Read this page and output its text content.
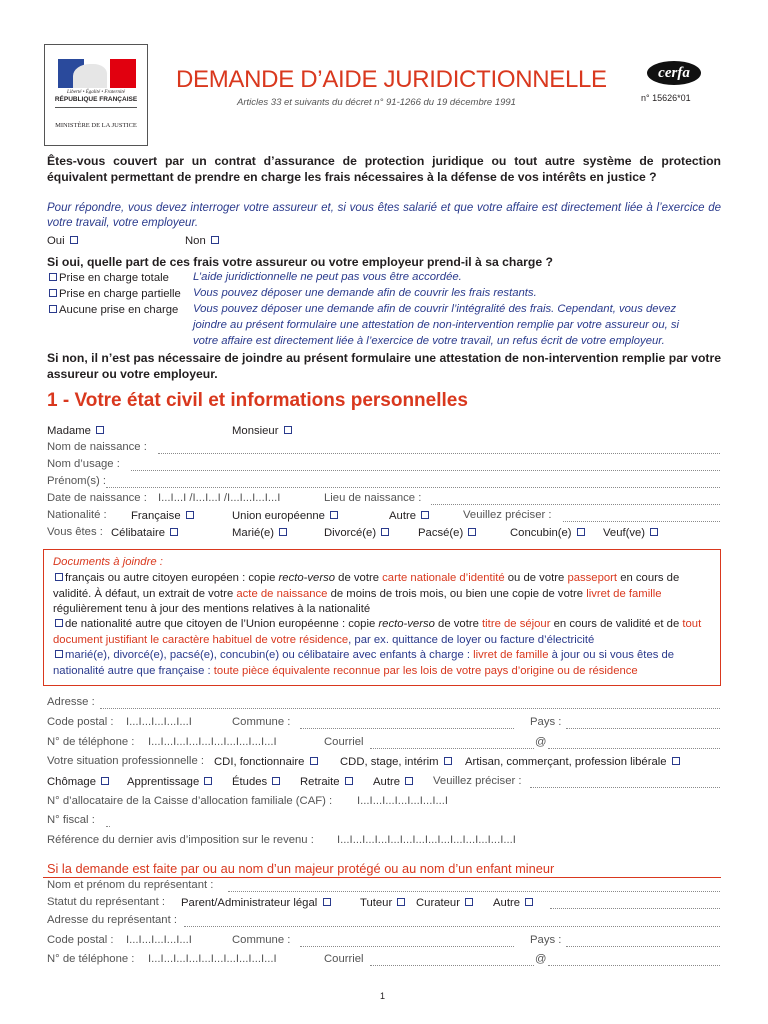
Liberté • Égalité • Fraternité
RÉPUBLIQUE FRANÇAISE
MINISTÈRE DE LA JUSTICE
DEMANDE D’AIDE JURIDICTIONNELLE
Articles 33 et suivants du décret n° 91-1266 du 19 décembre 1991
cerfa
n° 15626*01
Êtes-vous couvert par un contrat d’assurance de protection juridique ou tout autre système de protection équivalent permettant de prendre en charge les frais nécessaires à la défense de vos intérêts en justice ?
Pour répondre, vous devez interroger votre assureur et, si vous êtes salarié et que votre affaire est directement liée à l’exercice de votre travail, votre employeur.
Oui	Non
Si oui, quelle part de ces frais votre assureur ou votre employeur prend-il à sa charge ?
Prise en charge totale L’aide juridictionnelle ne peut pas vous être accordée.
Prise en charge partielle Vous pouvez déposer une demande afin de couvrir les frais restants.
Aucune prise en charge Vous pouvez déposer une demande afin de couvrir l’intégralité des frais. Cependant, vous devez
joindre au présent formulaire une attestation de non-intervention remplie par votre assureur ou, si
votre affaire est directement liée à l’exercice de votre travail, un refus écrit de votre employeur.
Si non, il n’est pas nécessaire de joindre au présent formulaire une attestation de non-intervention remplie par votre assureur ou votre employeur.
1 - Votre état civil et informations personnelles
Madame	Monsieur
Nom de naissance :
Nom d’usage :
Prénom(s) :
Date de naissance : I...I...I /I...I...I /I...I...I...I...I	Lieu de naissance :
Nationalité : Française	Union européenne	Autre	Veuillez préciser :
Vous êtes : Célibataire	Marié(e)	Divorcé(e)	Pacsé(e)	Concubin(e)	Veuf(ve)
Documents à joindre :
français ou autre citoyen européen : copie recto-verso de votre carte nationale d’identité ou de votre passeport en cours de validité. À défaut, un extrait de votre acte de naissance de moins de trois mois, ou bien une copie de votre livret de famille régulièrement tenu à jour des mentions relatives à la nationalité
de nationalité autre que citoyen de l’Union européenne : copie recto-verso de votre titre de séjour en cours de validité et de tout document justifiant le caractère habituel de votre résidence, par ex. quittance de loyer ou facture d’électricité
marié(e), divorcé(e), pacsé(e), concubin(e) ou célibataire avec enfants à charge : livret de famille à jour ou si vous êtes de nationalité autre que française : toute pièce équivalente reconnue par les lois de votre pays d’origine ou de résidence
Adresse :
Code postal : I...I...I...I...I...I	Commune :	Pays :
N° de téléphone : I...I...I...I...I...I...I...I...I...I...I	Courriel	@
Votre situation professionnelle : CDI, fonctionnaire	CDD, stage, intérim	Artisan, commerçant, profession libérale
Chômage	Apprentissage	Études	Retraite	Autre	Veuillez préciser :
N° d’allocataire de la Caisse d’allocation familiale (CAF) : I...I...I...I...I...I...I...I
N° fiscal :
Référence du dernier avis d’imposition sur le revenu : I...I...I...I...I...I...I...I...I...I...I...I...I...I...I
Si la demande est faite par ou au nom d’un majeur protégé ou au nom d’un enfant mineur
Nom et prénom du représentant :
Statut du représentant : Parent/Administrateur légal	Tuteur	Curateur	Autre
Adresse du représentant :
Code postal : I...I...I...I...I...I	Commune :	Pays :
N° de téléphone : I...I...I...I...I...I...I...I...I...I...I	Courriel	@
1
